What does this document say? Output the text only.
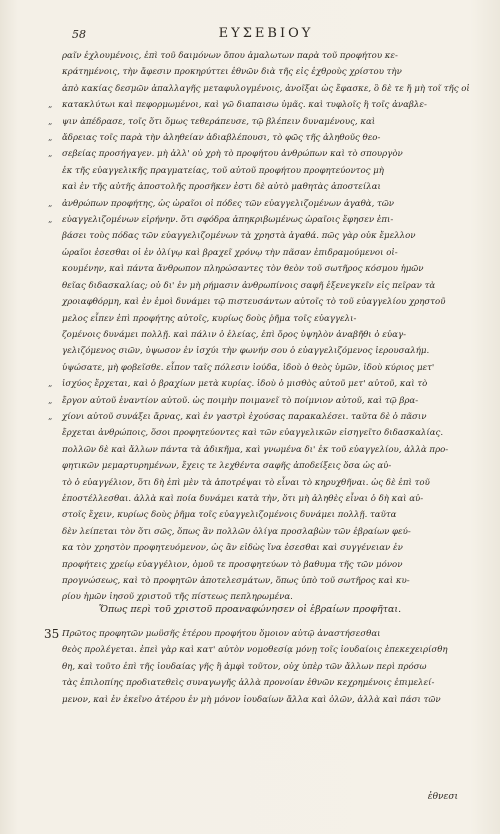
58	ΕΥΣΕΒΙΟΥ
ραῖν ἐχλουμένοις, ἐπὶ τοῦ δαιμόνων ὄπου ἀμαλωτων παρὰ τοῦ προφήτου κε-
κράτημένοις, τὴν ἄφεσιν προκηρύττει ἐθνῶν διὰ τῆς εἰς ἐχθροὺς χρίστου τὴν
ἀπὸ κακίας δεσμῶν ἀπαλλαγῆς μεταφυλογμένοις, ἀνοῖξαι ὡς ἔφασκε, ὃ δὲ τε ἤ μὴ τοῖ τῆς οἱ
„ κατακλύτωι καὶ πεφορμωμένοι, καὶ γῶ διαπαισω ὑμᾶς. καὶ τυφλοῖς ἢ τοῖς ἀναβλε-
„ ψιν ἀπέδρασε, τοῖς ὅτι ὅμως τεθεράπευσε, τῷ βλέπειν δυναμένους, καὶ
„ ἄδρειας τοῖς παρὰ τὴν ἀληθείαν ἀδιαβλέπουσι, τὸ φῶς τῆς ἀληθοῦς θεο-
„ σεβείας προσήγαγεν. μὴ ἀλλ' οὐ χρὴ τὸ προφήτου ἀνθρώπων καὶ τὸ σπουργὸν
ἐκ τῆς εὐαγγελικῆς πραγματείας, τοῦ αὐτοῦ προφήτου προφητεύοντος μὴ
καὶ ἐν τῆς αὐτῆς ἀποστολῆς προσῆκεν ἐστι δὲ αὐτὸ μαθητὰς ἀποστείλαι
„ ἀνθρώπων προφήτης, ὡς ὡραῖοι οἱ πόδες τῶν εὐαγγελιζομένων ἀγαθὰ, τῶν
„ εὐαγγελιζομένων εἰρήνην. ὅτι σφόδρα ἀπηκριβωμένως ὡραῖοις ἔφησεν ἐπι-
βάσει τοὺς πόδας τῶν εὐαγγελιζομένων τὰ χρηστὰ ἀγαθά. πῶς γὰρ οὐκ ἔμελλον
ὡραῖοι ἐσεσθαι οἱ ἐν ὀλίγῳ καὶ βραχεῖ χρόνῳ τὴν πᾶσαν ἐπιδραμούμενοι οἰ-
κουμένην, καὶ πάντα ἄνθρωπον πληρώσαντες τὸν θεὸν τοῦ σωτῆρος κόσμου ἡμῶν
θεῖας διδασκαλίας; οὐ δι' ἐν μὴ ρήμασιν ἀνθρωπίνοις σαφῆ ἐξενεγκεῖν εἰς πεῖραν τὰ
χροιαφθόρμη, καὶ ἐν ἐμοὶ δυνάμει τῷ πιστευσάντων αὐτοῖς τὸ τοῦ εὐαγγελίου χρηστοῦ
μελος εἶπεν ἐπὶ προφήτης αὐτοῖς, κυρίως δοὺς ῥῆμα τοῖς εὐαγγελι-
ζομένοις δυνάμει πολλῇ. καὶ πάλιν ὁ ἐλείας, ἐπὶ ὄρος ὑψηλὸν ἀναβῆθι ὁ εὐαγ-
γελιζόμενος σιῶν, ὑψωσον ἐν ἰσχύι τὴν φωνήν σου ὁ εὐαγγελιζόμενος ἱερουσαλήμ.
ὑψώσατε, μὴ φοβεῖσθε. εἶπον ταῖς πόλεσιν ἰούδα, ἰδοὺ ὁ θεὸς ὑμῶν, ἰδοὺ κύριος μετ'
„ ἰσχύος ἔρχεται, καὶ ὁ βραχίων μετὰ κυρίας. ἰδοὺ ὁ μισθὸς αὐτοῦ μετ' αὐτοῦ, καὶ τὸ
„ ἔργον αὐτοῦ ἐναντίον αὐτοῦ. ὡς ποιμὴν ποιμανεῖ τὸ ποίμνιον αὐτοῦ, καὶ τῷ βρα-
„ χίονι αὐτοῦ συνάξει ἄρνας, καὶ ἐν γαστρὶ ἐχούσας παρακαλέσει. ταῦτα δὲ ὁ πᾶσιν
ἔρχεται ἀνθρώποις, ὅσοι προφητεύοντες καὶ τῶν εὐαγγελικῶν εἰσηγεῖτο διδασκαλίας.
πολλῶν δὲ καὶ ἄλλων πάντα τὰ ἀδικῆμα, καὶ γνωμένα δι' ἐκ τοῦ εὐαγγελίου, ἀλλὰ προ-
φητικῶν μεμαρτυρημένων, ἔχεις τε λεχθέντα σαφῆς ἀποδείξεις ὅσα ὡς αὐ-
τὸ ὁ εὐαγγέλιον, ὅτι δὴ ἐπὶ μὲν τὰ ἀποτρέψαι τὸ εἶναι τὸ κηρυχθῆναι. ὡς δὲ ἐπὶ τοῦ
ἐποστέλλεσθαι. ἀλλὰ καὶ ποία δυνάμει κατὰ τὴν, ὅτι μὴ ἀληθὲς εἶναι ὁ δὴ καὶ αὐ-
στοῖς ἔχειν, κυρίως δοὺς ῥῆμα τοῖς εὐαγγελιζομένοις δυνάμει πολλῇ. ταῦτα
δὲν λείπεται τὸν ὅτι σῶς, ὅπως ἂν πολλῶν ὀλίγα προσλαβὼν τῶν ἐβραίων φεύ-
κα τὸν χρηστὸν προφητευόμενον, ὡς ἂν εἰδὼς ἵνα ἐσεσθαι καὶ συγγένειαν ἐν
προφήτεις χρείῳ εὐαγγέλιον, ὁμοῦ τε προσφητεύων τὸ βαθυμα τῆς τῶν μόνον
προγνώσεως, καὶ τὸ προφητῶν ἀποτελεσμάτων, ὅπως ὑπὸ τοῦ σωτῆρος καὶ κυ-
ρίου ἡμῶν ἰησοῦ χριστοῦ τῆς πίστεως πεπληρωμένα.
Ὅπως περὶ τοῦ χριστοῦ προαναφώνησεν οἱ ἑβραίων προφῆται.
35 Πρῶτος προφητῶν μωϋσῆς ἑτέρου προφήτου ὅμοιον αὐτῷ ἀναστήσεσθαι
θεὸς προλέγεται. ἐπεὶ γὰρ καὶ κατ' αὐτὸν νομοθεσίᾳ μόνῃ τοῖς ἰουδαίοις ἐπεκεχειρίσθη
θη, καὶ τοῦτο ἐπὶ τῆς ἰουδαίας γῆς ἢ ἀμφὶ τοῦτον, οὐχ ὑπὲρ τῶν ἄλλων περὶ πρόσω
τὰς ἐπιλοπίης προδιατεθεὶς συναγωγῆς ἀλλὰ προνοίαν ἐθνῶν κεχρημένοις ἐπιμελεί-
μενον, καὶ ἐν ἐκεῖνο ἀτέρου ἐν μὴ μόνον ἰουδαίων ἄλλα καὶ ὀλῶν, ἀλλὰ καὶ πάσι τῶν
ἐθνεσι
